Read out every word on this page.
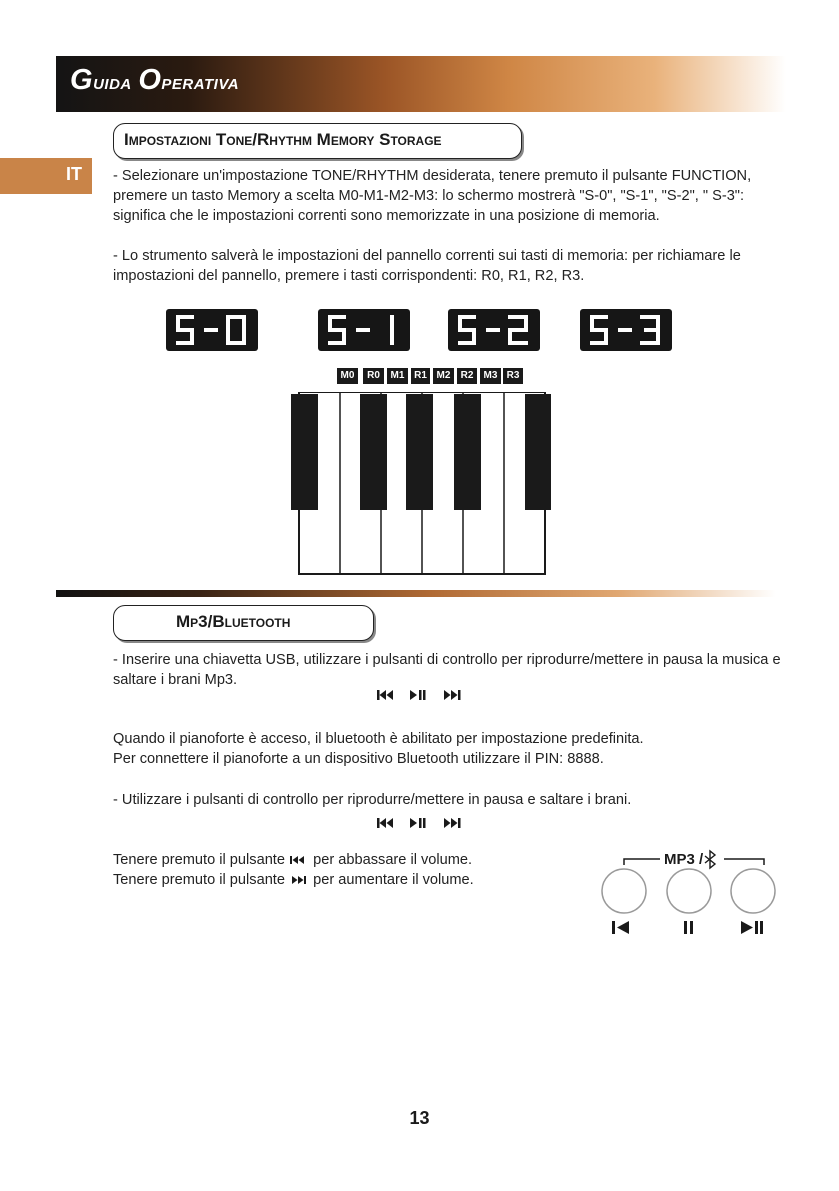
Guida Operativa
IT
Impostazioni Tone/Rhythm Memory Storage

- Selezionare un'impostazione TONE/RHYTHM desiderata, tenere premuto il pulsante FUNCTION, premere un tasto Memory a scelta M0-M1-M2-M3: lo schermo mostrerà "S-0", "S-1", "S-2", " S-3": significa che le impostazioni correnti sono memorizzate in una posizione di memoria.

- Lo strumento salverà le impostazioni del pannello correnti sui tasti di memoria: per richiamare le impostazioni del pannello, premere i tasti corrispondenti: R0, R1, R2, R3.

M0	R0	M1 R1 M2	R2	M3 R3
Mp3/Bluetooth

- Inserire una chiavetta USB, utilizzare i pulsanti di controllo per riprodurre/mettere in pausa la musica e saltare i brani Mp3.

Quando il pianoforte è acceso, il bluetooth è abilitato per impostazione predefinita.

Per connettere il pianoforte a un dispositivo Bluetooth utilizzare il PIN: 8888.

- Utilizzare i pulsanti di controllo per riprodurre/mettere in pausa e saltare i brani.

Tenere premuto il pulsante per abbassare il volume.

Tenere premuto il pulsante per aumentare il volume.

MP3 /
13
